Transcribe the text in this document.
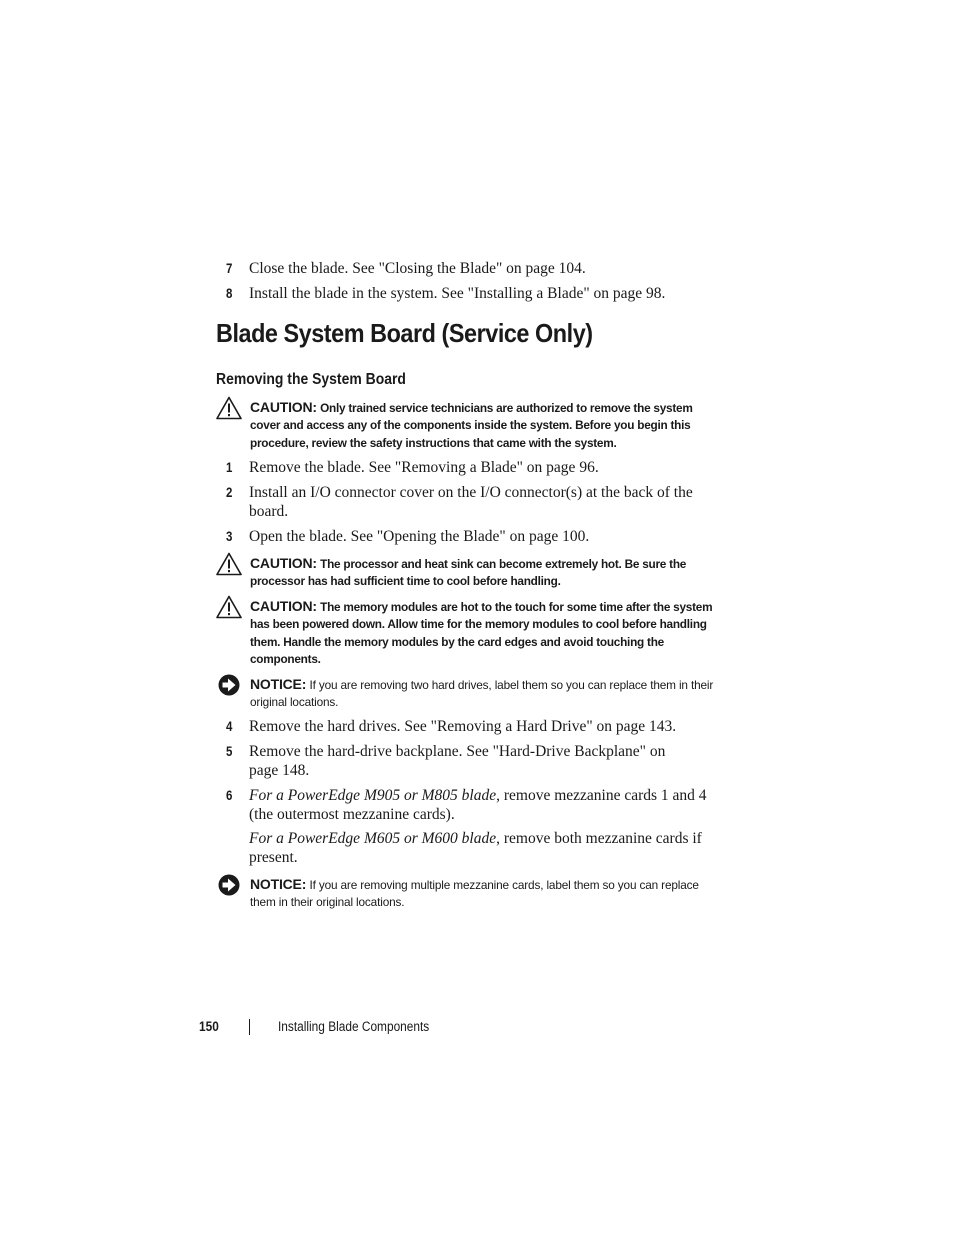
7 Close the blade. See "Closing the Blade" on page 104.
8 Install the blade in the system. See "Installing a Blade" on page 98.
Blade System Board (Service Only)
Removing the System Board
CAUTION: Only trained service technicians are authorized to remove the system cover and access any of the components inside the system. Before you begin this procedure, review the safety instructions that came with the system.
1 Remove the blade. See "Removing a Blade" on page 96.
2 Install an I/O connector cover on the I/O connector(s) at the back of the board.
3 Open the blade. See "Opening the Blade" on page 100.
CAUTION: The processor and heat sink can become extremely hot. Be sure the processor has had sufficient time to cool before handling.
CAUTION: The memory modules are hot to the touch for some time after the system has been powered down. Allow time for the memory modules to cool before handling them. Handle the memory modules by the card edges and avoid touching the components.
NOTICE: If you are removing two hard drives, label them so you can replace them in their original locations.
4 Remove the hard drives. See "Removing a Hard Drive" on page 143.
5 Remove the hard-drive backplane. See "Hard-Drive Backplane" on page 148.
6 For a PowerEdge M905 or M805 blade, remove mezzanine cards 1 and 4 (the outermost mezzanine cards).
For a PowerEdge M605 or M600 blade, remove both mezzanine cards if present.
NOTICE: If you are removing multiple mezzanine cards, label them so you can replace them in their original locations.
150	Installing Blade Components
